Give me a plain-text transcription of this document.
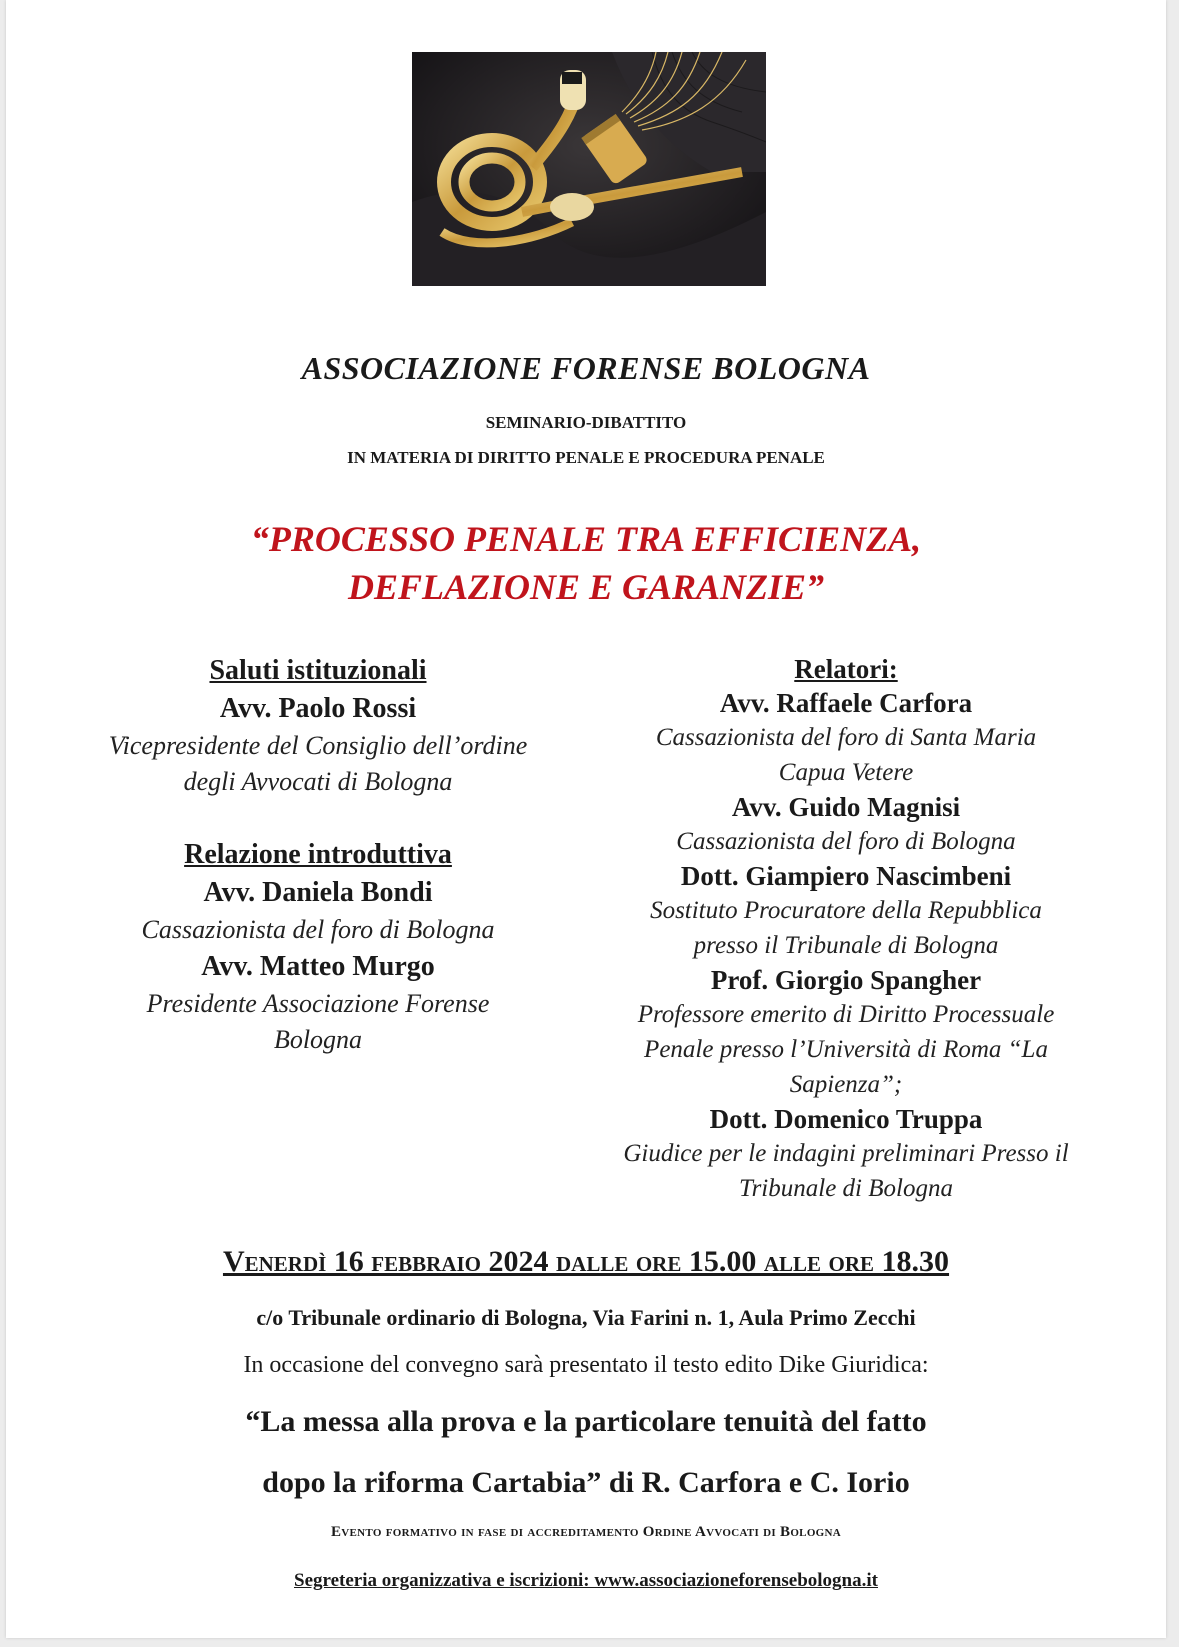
ASSOCIAZIONE FORENSE BOLOGNA
SEMINARIO-DIBATTITO
IN MATERIA DI DIRITTO PENALE E PROCEDURA PENALE
“PROCESSO PENALE TRA EFFICIENZA,
DEFLAZIONE E GARANZIE”
Saluti istituzionali
Avv. Paolo Rossi
Vicepresidente del Consiglio dell’ordine
degli Avvocati di Bologna
Relazione introduttiva
Avv. Daniela Bondi
Cassazionista del foro di Bologna
Avv. Matteo Murgo
Presidente Associazione Forense
Bologna
Relatori:
Avv. Raffaele Carfora
Cassazionista del foro di Santa Maria
Capua Vetere
Avv. Guido Magnisi
Cassazionista del foro di Bologna
Dott. Giampiero Nascimbeni
Sostituto Procuratore della Repubblica
presso il Tribunale di Bologna
Prof. Giorgio Spangher
Professore emerito di Diritto Processuale
Penale presso l’Università di Roma “La
Sapienza”;
Dott. Domenico Truppa
Giudice per le indagini preliminari Presso il
Tribunale di Bologna
Venerdì 16 febbraio 2024 dalle ore 15.00 alle ore 18.30
c/o Tribunale ordinario di Bologna, Via Farini n. 1, Aula Primo Zecchi
In occasione del convegno sarà presentato il testo edito Dike Giuridica:
“La messa alla prova e la particolare tenuità del fatto
dopo la riforma Cartabia” di R. Carfora e C. Iorio
Evento formativo in fase di accreditamento Ordine Avvocati di Bologna
Segreteria organizzativa e iscrizioni: www.associazioneforensebologna.it
